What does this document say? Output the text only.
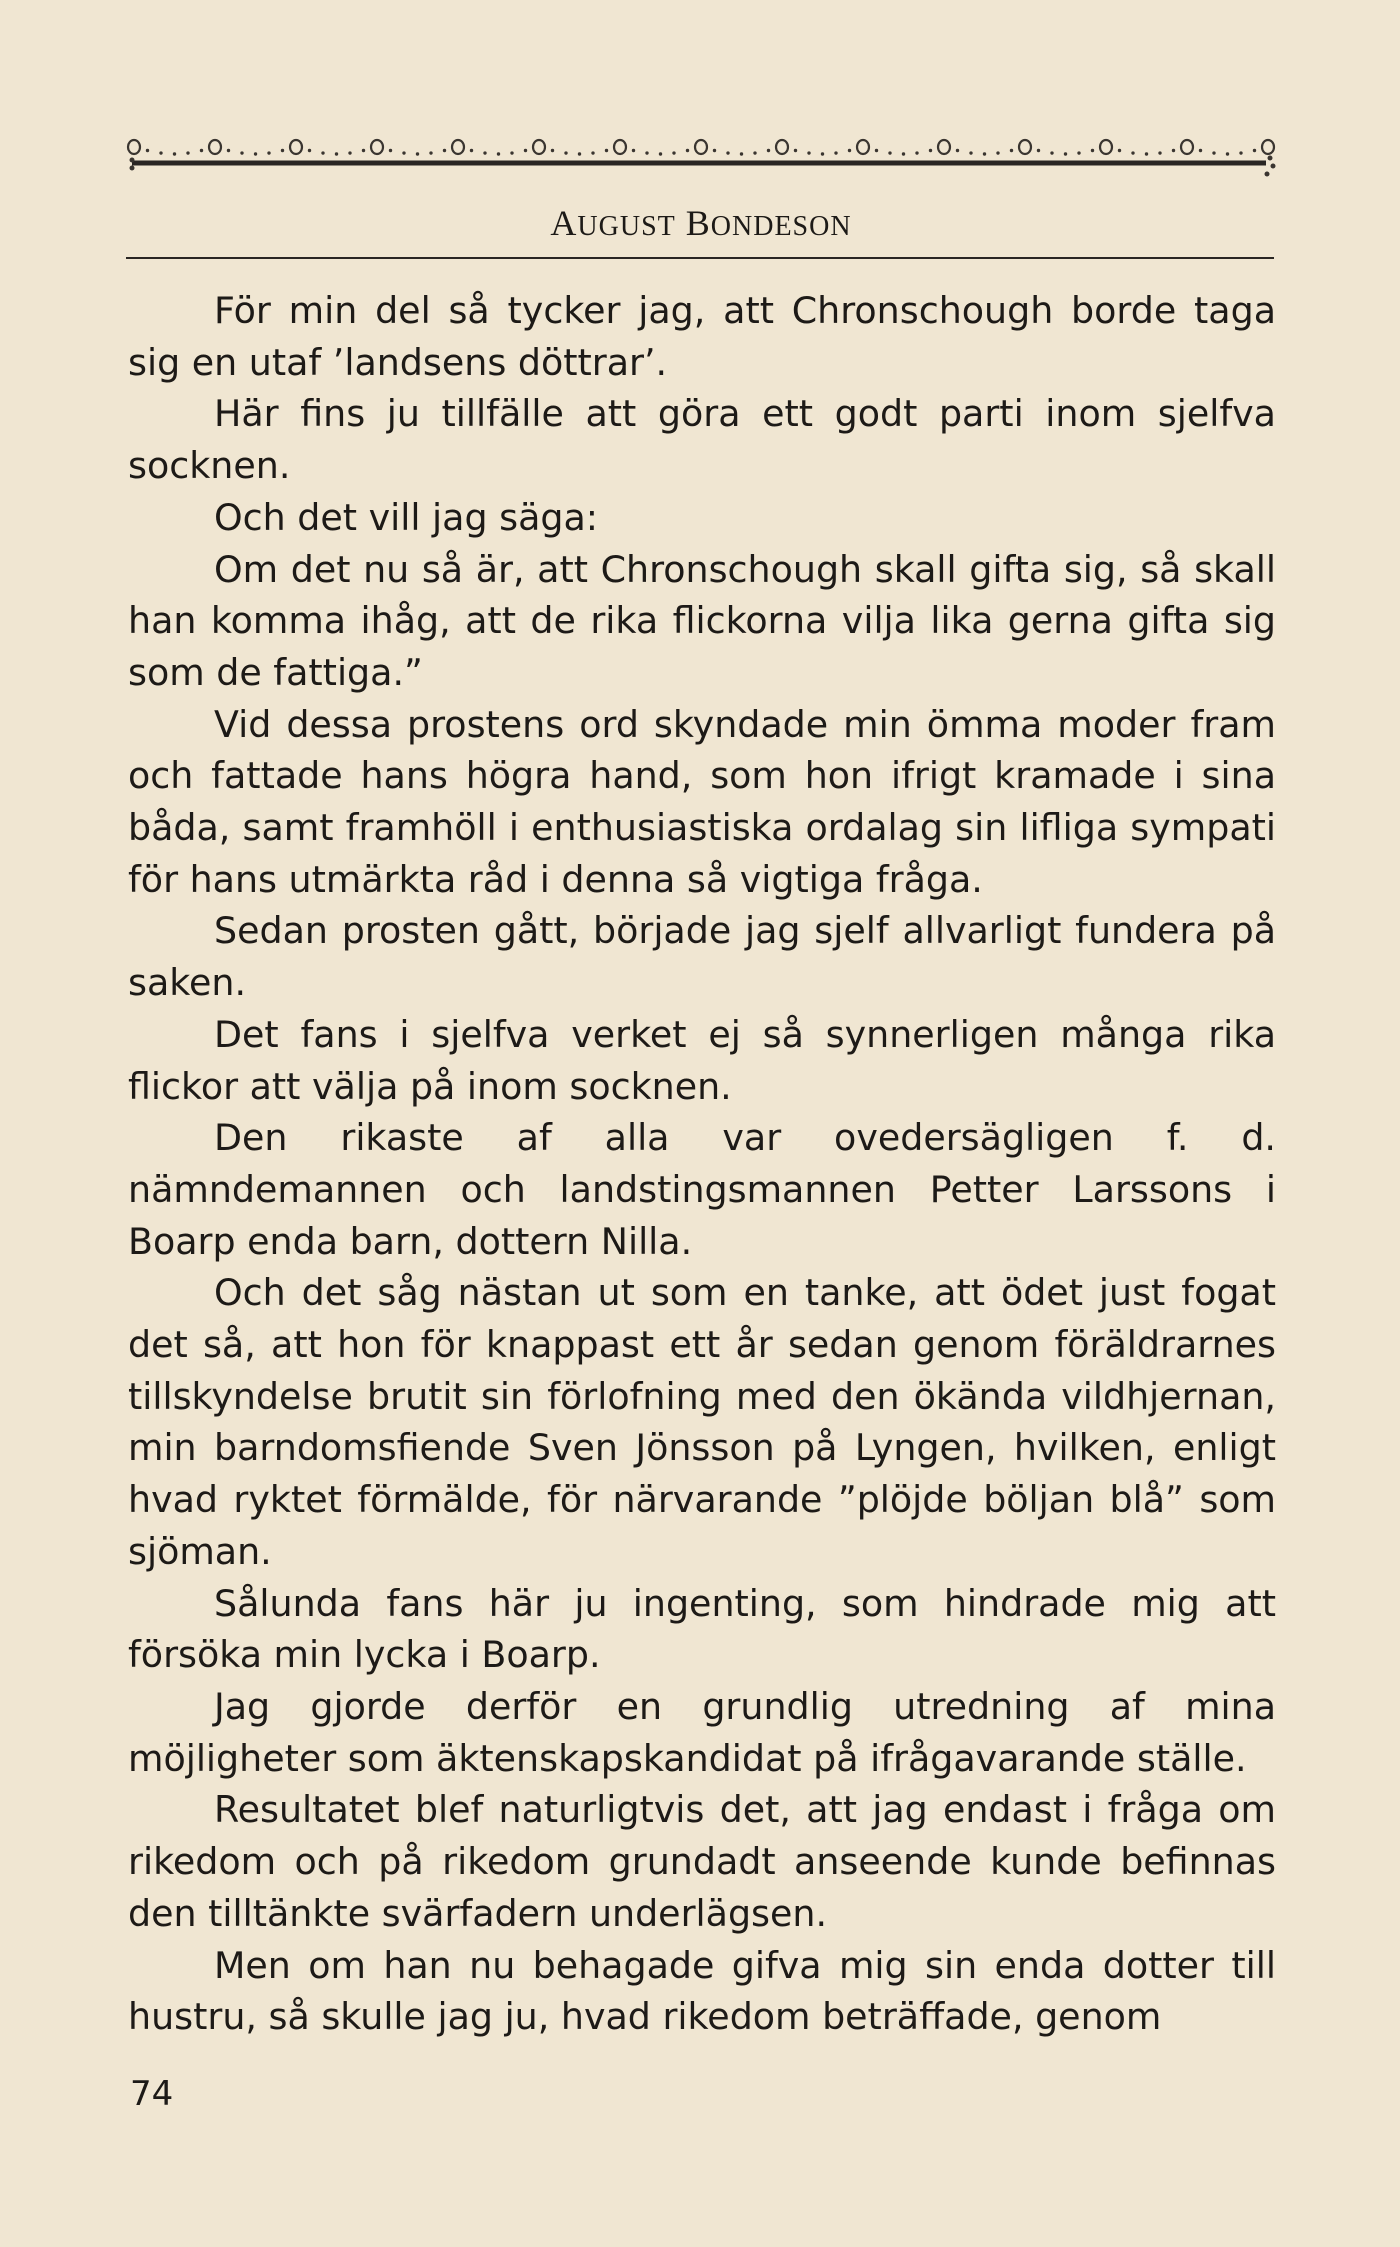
AUGUST BONDESON

För min del så tycker jag, att Chronschough borde taga sig en utaf ’landsens döttrar’.

Här fins ju tillfälle att göra ett godt parti inom sjelfva socknen.

Och det vill jag säga:

Om det nu så är, att Chronschough skall gifta sig, så skall han komma ihåg, att de rika flickorna vilja lika gerna gifta sig som de fattiga.”

Vid dessa prostens ord skyndade min ömma moder fram och fattade hans högra hand, som hon ifrigt kramade i sina båda, samt framhöll i enthusiastiska ordalag sin lifliga sympati för hans utmärkta råd i denna så vigtiga fråga.

Sedan prosten gått, började jag sjelf allvarligt fundera på saken.

Det fans i sjelfva verket ej så synnerligen många rika flickor att välja på inom socknen.

Den rikaste af alla var ovedersägligen f. d. nämndemannen och landstingsmannen Petter Larssons i Boarp enda barn, dottern Nilla.

Och det såg nästan ut som en tanke, att ödet just fogat det så, att hon för knappast ett år sedan genom föräldrarnes tillskyndelse brutit sin förlofning med den ökända vildhjernan, min barndomsfiende Sven Jönsson på Lyngen, hvilken, enligt hvad ryktet förmälde, för närvarande ”plöjde böljan blå” som sjöman.

Sålunda fans här ju ingenting, som hindrade mig att försöka min lycka i Boarp.

Jag gjorde derför en grundlig utredning af mina möjligheter som äktenskapskandidat på ifrågavarande ställe.

Resultatet blef naturligtvis det, att jag endast i fråga om rikedom och på rikedom grundadt anseende kunde befinnas den tilltänkte svärfadern underlägsen.

Men om han nu behagade gifva mig sin enda dotter till hustru, så skulle jag ju, hvad rikedom beträffade, genom

74
